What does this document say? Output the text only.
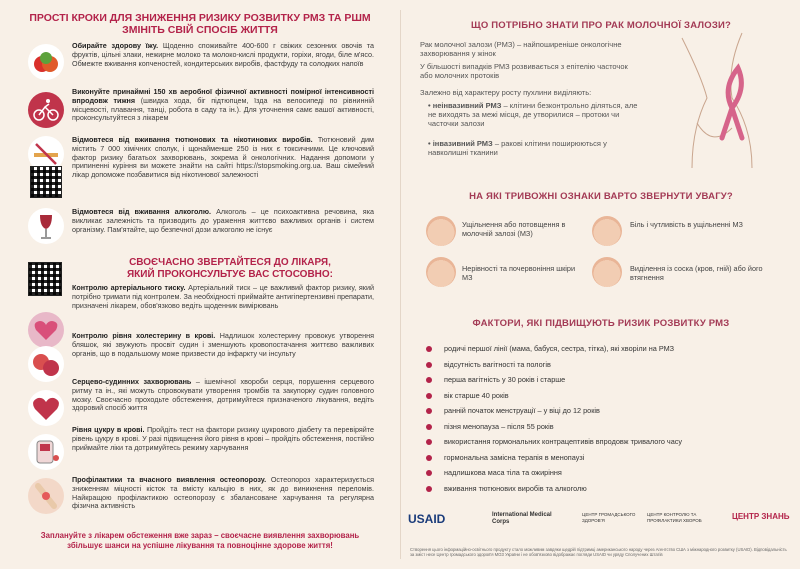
ПРОСТІ КРОКИ ДЛЯ ЗНИЖЕННЯ РИЗИКУ РОЗВИТКУ РМЗ ТА РШМ
ЗМІНІТЬ СВІЙ СПОСІБ ЖИТТЯ
Обирайте здорову їжу. Щоденно споживайте 400-600 г свіжих сезонних овочів та фруктів, цільні злаки, нежирне молоко та молоко-кислі продукти, горіхи, ягоди, біле м'ясо. Обмежте вживання копченостей, кондитерських виробів, фастфуду та солодких напоїв
Виконуйте принаймні 150 хв аеробної фізичної активності помірної інтенсивності впродовж тижня (швидка хода, біг підтюпцем, їзда на велосипеді по рівнинній місцевості, плавання, танці, робота в саду та ін.). Для уточнення самє вашої активності, проконсультуйтеся з лікарем
Відмовтеся від вживання тютюнових та нікотинових виробів. Тютюновий дим містить 7 000 хімічних сполук, і щонайменше 250 із них є токсичними. Це ключовий фактор ризику багатьох захворювань, зокрема й онкологічних. Надання допомоги у припиненні куріння ви можете знайти на сайті https://stopsmoking.org.ua. Ваш сімейний лікар допоможе позбавитися від нікотинової залежності
Відмовтеся від вживання алкоголю. Алкоголь – це психоактивна речовина, яка викликає залежність та призводить до ураження життєво важливих органів і систем організму. Пам'ятайте, що безпечної дози алкоголю не існує
СВОЄЧАСНО ЗВЕРТАЙТЕСЯ ДО ЛІКАРЯ,
ЯКИЙ ПРОКОНСУЛЬТУЄ ВАС СТОСОВНО:
Контролю артеріального тиску. Артеріальний тиск – це важливий фактор ризику, який потрібно тримати під контролем. За необхідності приймайте антигіпертензивні препарати, призначені лікарем, обов'язково ведіть щоденник вимірювань
Контролю рівня холестерину в крові. Надлишок холестерину провокує утворення бляшок, які звужують просвіт судин і зменшують кровопостачання життєво важливих органів, що в подальшому може призвести до інфаркту чи інсульту
Серцево-судинних захворювань – ішемічної хвороби серця, порушення серцевого ритму та ін., які можуть спровокувати утворення тромбів та закупорку судин головного мозку. Своєчасно проходьте обстеження, дотримуйтеся призначеного лікування, ведіть здоровий спосіб життя
Рівня цукру в крові. Пройдіть тест на фактори ризику цукрового діабету та перевіряйте рівень цукру в крові. У разі підвищення його рівня в крові – пройдіть обстеження, постійно приймайте ліки та дотримуйтесь режиму харчування
Профілактики та вчасного виявлення остеопорозу. Остеопороз характеризується зниженням міцності кісток та вмісту кальцію в них, як до виникнення переломів. Найкращою профілактикою остеопорозу є збалансоване харчування та регулярна фізична активність
Заплануйте з лікарем обстеження вже зараз – своєчасне виявлення захворювань
збільшує шанси на успішне лікування та повноцінне здорове життя!
ЩО ПОТРІБНО ЗНАТИ ПРО РАК МОЛОЧНОЇ ЗАЛОЗИ?
Рак молочної залози (РМЗ) – найпоширеніше онкологічне захворювання у жінок
У більшості випадків РМЗ розвивається з епітелію часточок або молочних протоків
Залежно від характеру росту пухлини виділяють:
• неінвазивний РМЗ – клітини безконтрольно діляться, але не виходять за межі місця, де утворилися – протоки чи часточки залози
• інвазивний РМЗ – ракові клітини поширюються у навколишні тканини
НА ЯКІ ТРИВОЖНІ ОЗНАКИ ВАРТО ЗВЕРНУТИ УВАГУ?
Ущільнення або потовщення в молочній залозі (МЗ)
Біль і чутливість в ущільненні МЗ
Нерівності та почервоніння шкіри МЗ
Виділення із соска (кров, гній) або його втягнення
ФАКТОРИ, ЯКІ ПІДВИЩУЮТЬ РИЗИК РОЗВИТКУ РМЗ
родичі першої лінії (мама, бабуся, сестра, тітка), які хворіли на РМЗ
відсутність вагітності та пологів
перша вагітність у 30 років і старше
вік старше 40 років
ранній початок менструації – у віці до 12 років
пізня менопауза – після 55 років
використання гормональних контрацептивів впродовж тривалого часу
гормональна замісна терапія в менопаузі
надлишкова маса тіла та ожиріння
вживання тютюнових виробів та алкоголю
USAID	International Medical Corps
ЦЕНТР ГРОМАДСЬКОГО ЗДОРОВ'Я
ЦЕНТР КОНТРОЛЮ ТА ПРОФІЛАКТИКИ ХВОРОБ	ЦЕНТР ЗНАНЬ
Створення цього інформаційно-освітнього продукту стало можливим завдяки щедрій підтримці американського народу через Агентство США з міжнародного розвитку (USAID). Відповідальність за зміст несе Центр громадського здоров'я МОЗ України і не обов'язково відображає погляди USAID чи уряду Сполучених Штатів
